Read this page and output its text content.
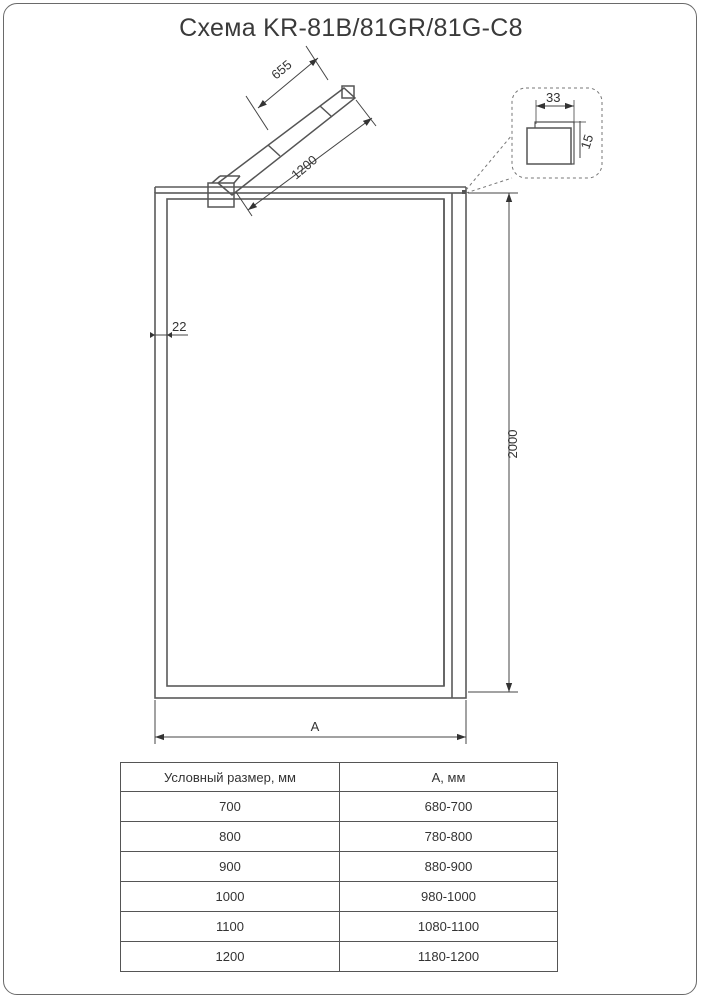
Схема KR-81B/81GR/81G-C8
655
1200
33
15
22
2000
A
Условный размер, мм	A, мм
700	680-700
800	780-800
900	880-900
1000	980-1000
1100	1080-1100
1200	1180-1200
